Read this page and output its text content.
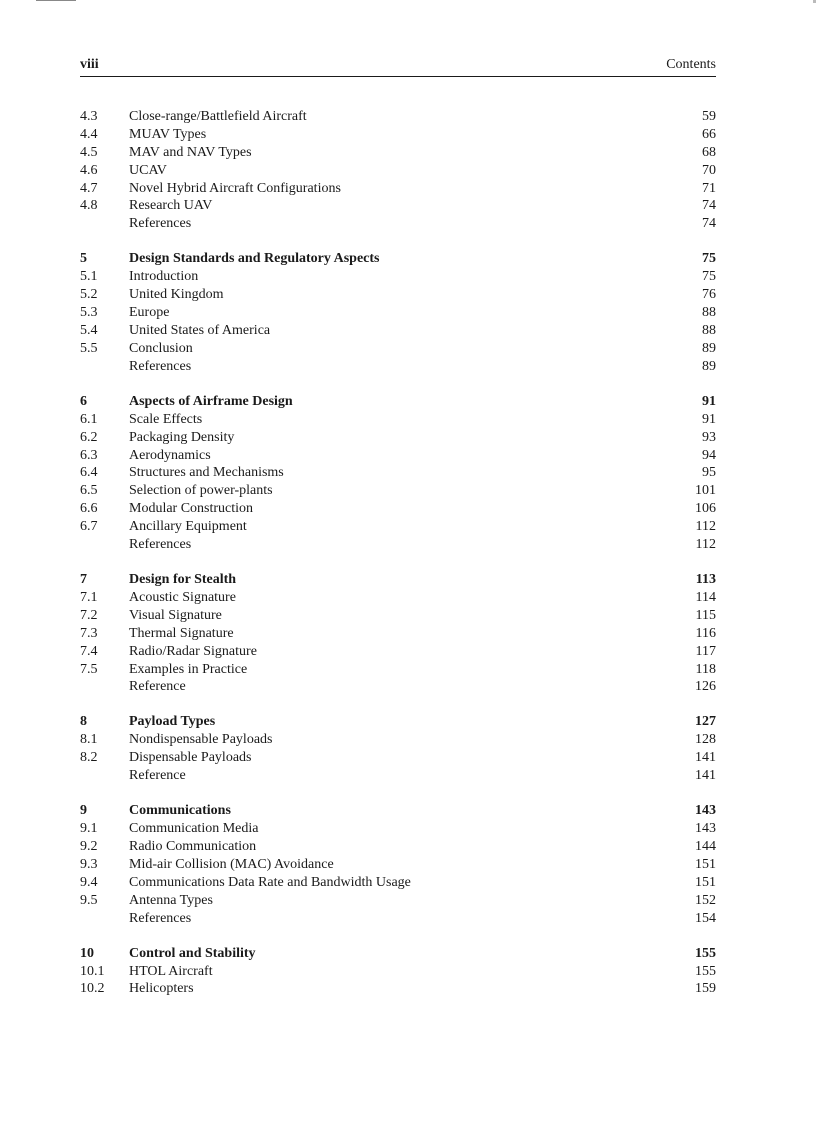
viii	Contents
4.3 Close-range/Battlefield Aircraft	59
4.4 MUAV Types	66
4.5 MAV and NAV Types	68
4.6 UCAV	70
4.7 Novel Hybrid Aircraft Configurations	71
4.8 Research UAV	74
References	74
5	Design Standards and Regulatory Aspects	75
5.1 Introduction	75
5.2 United Kingdom	76
5.3 Europe	88
5.4 United States of America	88
5.5 Conclusion	89
References	89
6	Aspects of Airframe Design	91
6.1 Scale Effects	91
6.2 Packaging Density	93
6.3 Aerodynamics	94
6.4 Structures and Mechanisms	95
6.5 Selection of power-plants	101
6.6 Modular Construction	106
6.7 Ancillary Equipment	112
References	112
7	Design for Stealth	113
7.1 Acoustic Signature	114
7.2 Visual Signature	115
7.3 Thermal Signature	116
7.4 Radio/Radar Signature	117
7.5 Examples in Practice	118
Reference	126
8	Payload Types	127
8.1 Nondispensable Payloads	128
8.2 Dispensable Payloads	141
Reference	141
9	Communications	143
9.1 Communication Media	143
9.2 Radio Communication	144
9.3 Mid-air Collision (MAC) Avoidance	151
9.4 Communications Data Rate and Bandwidth Usage	151
9.5 Antenna Types	152
References	154
10	Control and Stability	155
10.1 HTOL Aircraft	155
10.2 Helicopters	159
